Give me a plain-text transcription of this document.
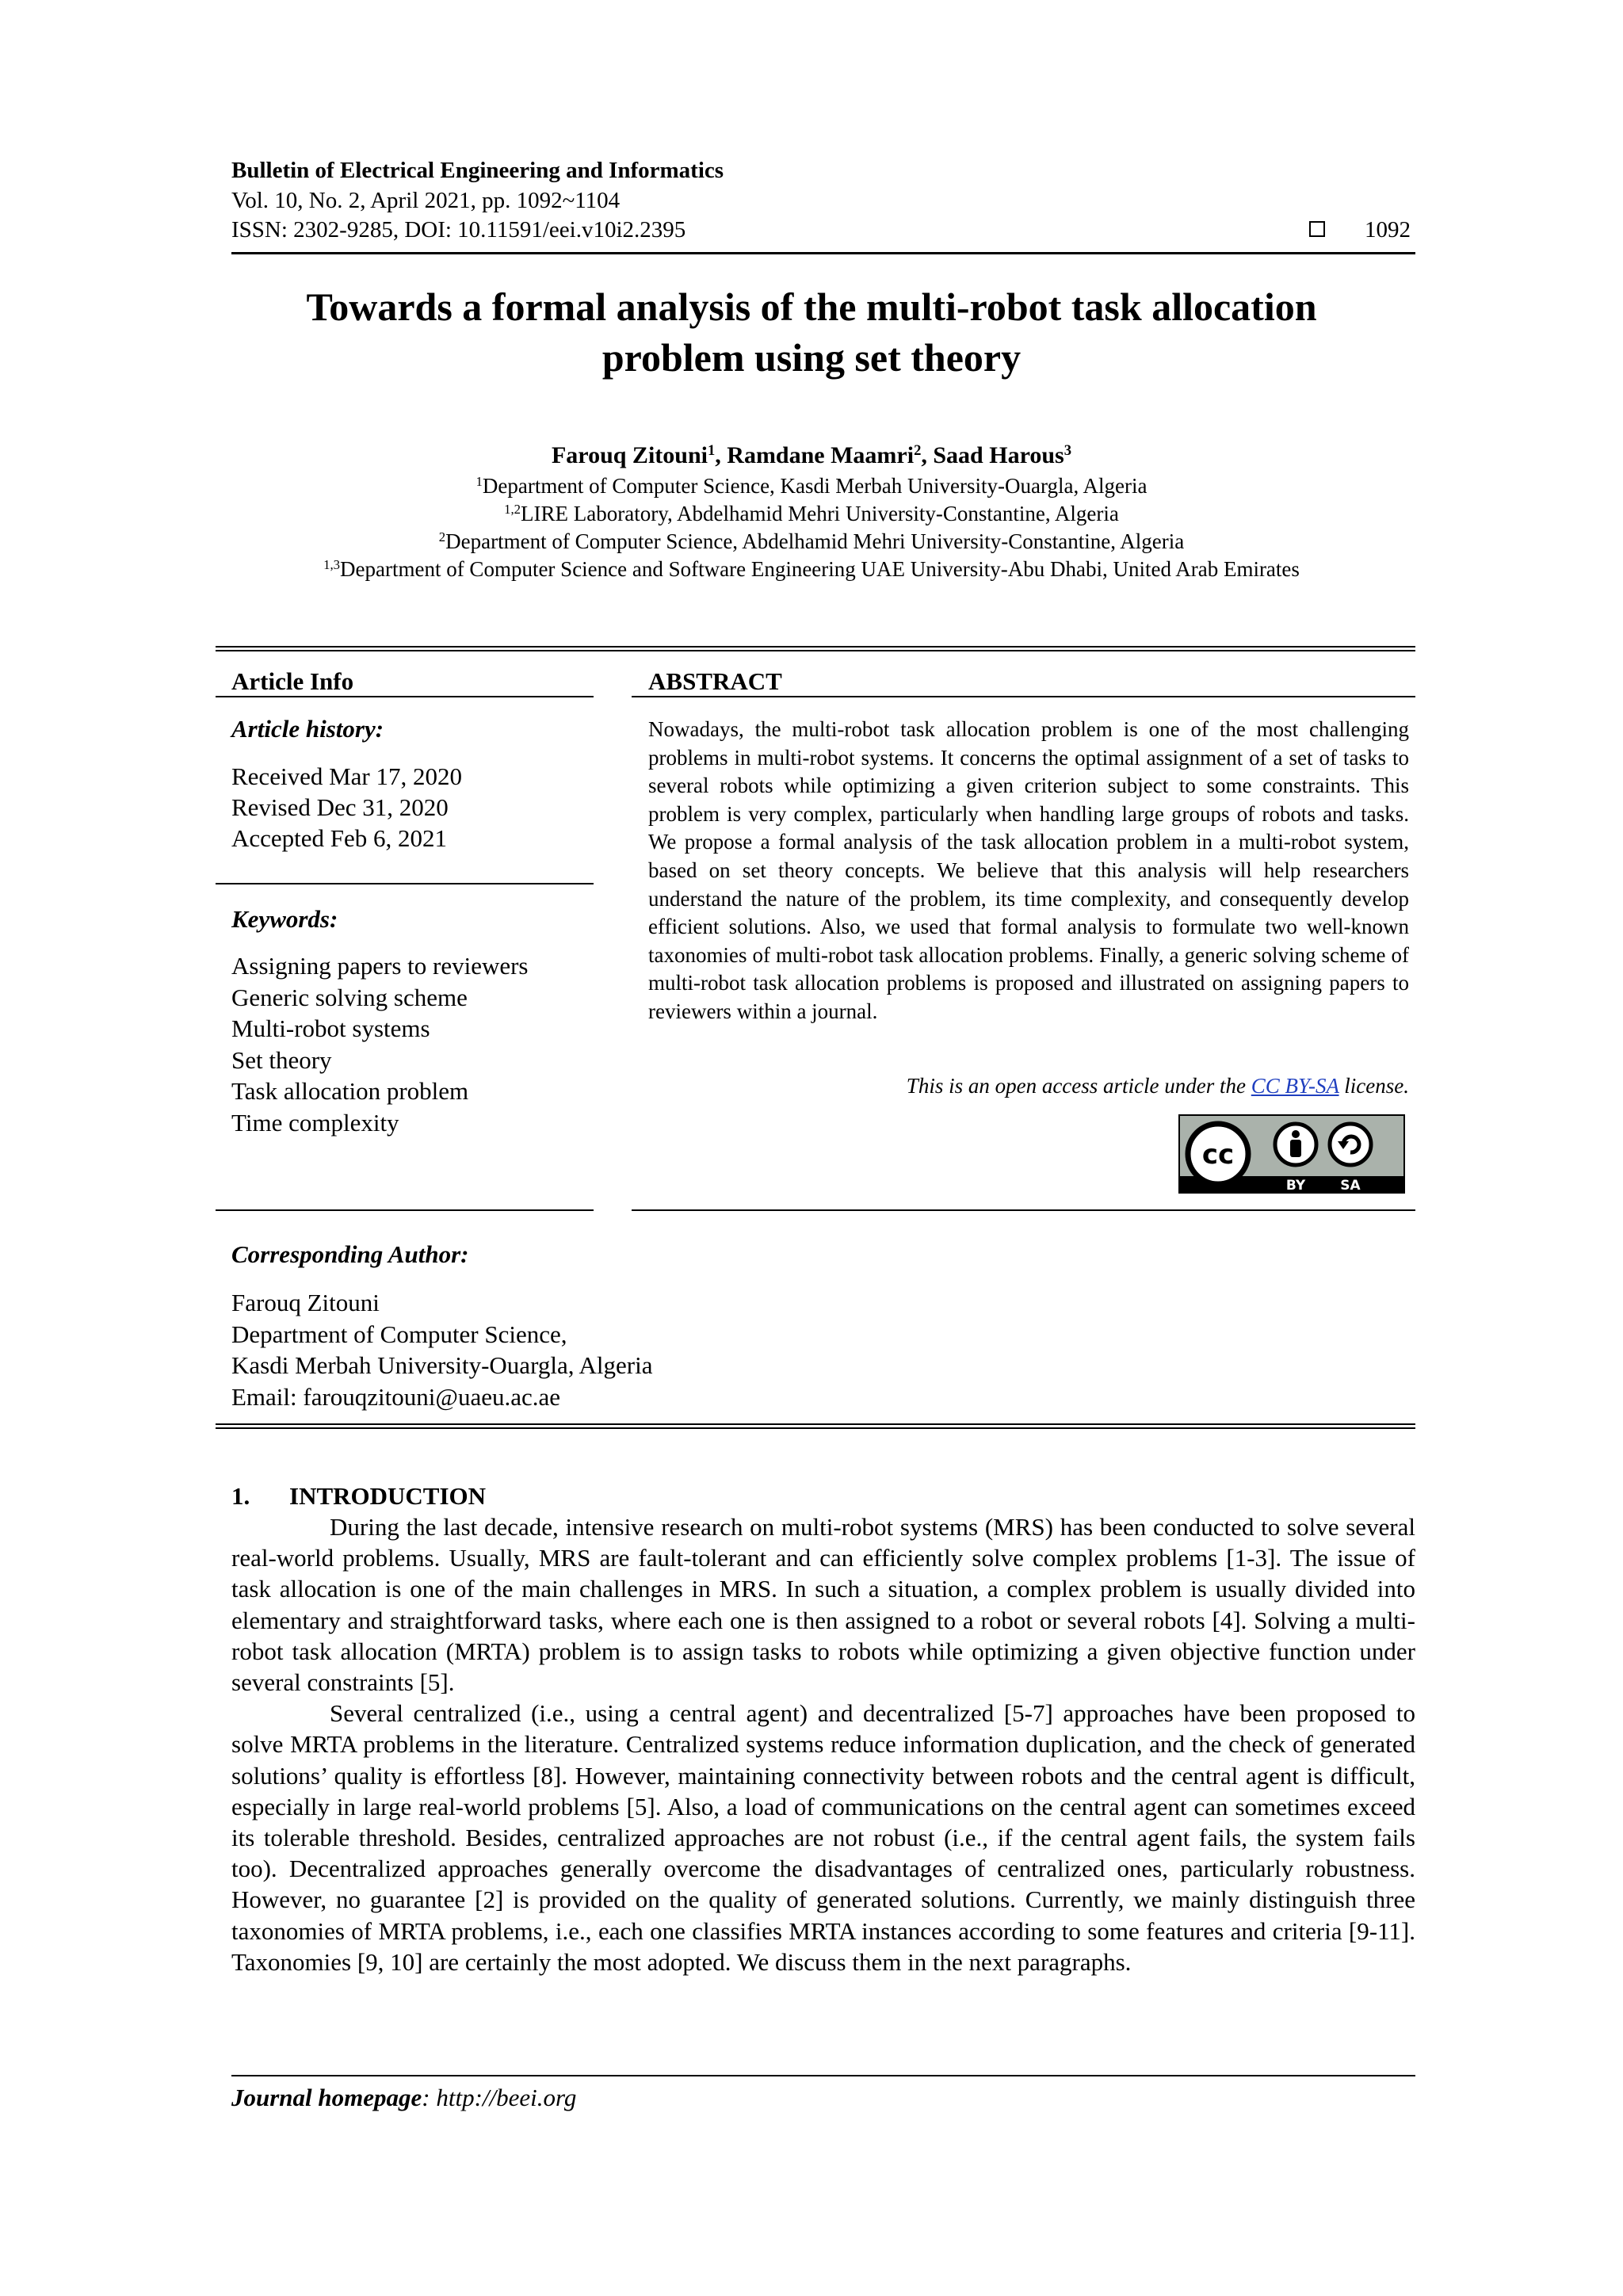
Bulletin of Electrical Engineering and Informatics
Vol. 10, No. 2, April 2021, pp. 1092~1104
ISSN: 2302-9285, DOI: 10.11591/eei.v10i2.2395	1092
Towards a formal analysis of the multi-robot task allocation
problem using set theory
Farouq Zitouni$^1$, Ramdane Maamri$^2$, Saad Harous$^3$
$^1$Department of Computer Science, Kasdi Merbah University-Ouargla, Algeria
$^{1,2}$LIRE Laboratory, Abdelhamid Mehri University-Constantine, Algeria
$^2$Department of Computer Science, Abdelhamid Mehri University-Constantine, Algeria
$^{1,3}$Department of Computer Science and Software Engineering UAE University-Abu Dhabi, United Arab Emirates
Article Info
Article history:
Received Mar 17, 2020
Revised Dec 31, 2020
Accepted Feb 6, 2021
Keywords:
Assigning papers to reviewers
Generic solving scheme
Multi-robot systems
Set theory
Task allocation problem
Time complexity
ABSTRACT
Nowadays, the multi-robot task allocation problem is one of the most challenging problems in multi-robot systems. It concerns the optimal assignment of a set of tasks to several robots while optimizing a given criterion subject to some constraints. This problem is very complex, particularly when handling large groups of robots and tasks. We propose a formal analysis of the task allocation problem in a multi-robot system, based on set theory concepts. We believe that this analysis will help researchers understand the nature of the problem, its time complexity, and consequently develop efficient solutions. Also, we used that formal analysis to formulate two well-known taxonomies of multi-robot task allocation problems. Finally, a generic solving scheme of multi-robot task allocation problems is proposed and illustrated on assigning papers to reviewers within a journal.
This is an open access article under the CC BY-SA license.
cc
BY	SA
Corresponding Author:
Farouq Zitouni
Department of Computer Science,
Kasdi Merbah University-Ouargla, Algeria
Email: farouqzitouni@uaeu.ac.ae
1. INTRODUCTION

During the last decade, intensive research on multi-robot systems (MRS) has been conducted to solve several real-world problems. Usually, MRS are fault-tolerant and can efficiently solve complex problems [1-3]. The issue of task allocation is one of the main challenges in MRS. In such a situation, a complex problem is usually divided into elementary and straightforward tasks, where each one is then assigned to a robot or several robots [4]. Solving a multi-robot task allocation (MRTA) problem is to assign tasks to robots while optimizing a given objective function under several constraints [5].

Several centralized (i.e., using a central agent) and decentralized [5-7] approaches have been proposed to solve MRTA problems in the literature. Centralized systems reduce information duplication, and the check of generated solutions’ quality is effortless [8]. However, maintaining connectivity between robots and the central agent is difficult, especially in large real-world problems [5]. Also, a load of communications on the central agent can sometimes exceed its tolerable threshold. Besides, centralized approaches are not robust (i.e., if the central agent fails, the system fails too). Decentralized approaches generally overcome the disadvantages of centralized ones, particularly robustness. However, no guarantee [2] is provided on the quality of generated solutions. Currently, we mainly distinguish three taxonomies of MRTA problems, i.e., each one classifies MRTA instances according to some features and criteria [9-11]. Taxonomies [9, 10] are certainly the most adopted. We discuss them in the next paragraphs.

Journal homepage: http://beei.org
